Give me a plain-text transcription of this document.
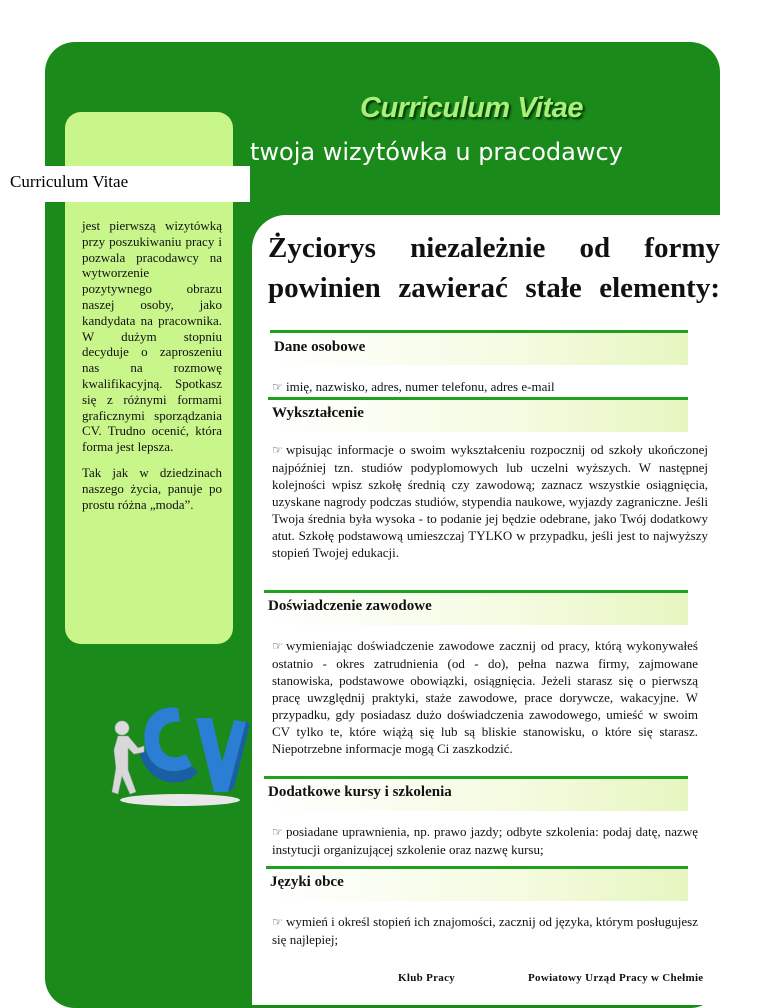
Curriculum Vitae
twoja wizytówka u pracodawcy
Curriculum Vitae

jest pierwszą wizytówką przy poszukiwaniu pracy i pozwala pracodawcy na wytworzenie pozytywnego obrazu naszej osoby, jako kandydata na pracownika. W dużym stopniu decyduje o zaproszeniu nas na rozmowę kwalifikacyjną. Spotkasz się z różnymi formami graficznymi sporządzania CV. Trudno ocenić, która forma jest lepsza.

Tak jak w dziedzinach naszego życia, panuje po prostu różna „moda”.

Życiorys niezależnie od formy powinien zawierać stałe elementy:
Dane osobowe
☞ imię, nazwisko, adres, numer telefonu, adres e-mail
Wykształcenie
☞ wpisując informacje o swoim wykształceniu rozpocznij od szkoły ukończonej najpóźniej tzn. studiów podyplomowych lub uczelni wyższych. W następnej kolejności wpisz szkołę średnią czy zawodową; zaznacz wszystkie osiągnięcia, uzyskane nagrody podczas studiów, stypendia naukowe, wyjazdy zagraniczne. Jeśli Twoja średnia była wysoka - to podanie jej będzie odebrane, jako Twój dodatkowy atut. Szkołę podstawową umieszczaj TYLKO w przypadku, jeśli jest to najwyższy stopień Twojej edukacji.
Doświadczenie zawodowe
☞ wymieniając doświadczenie zawodowe zacznij od pracy, którą wykonywałeś ostatnio - okres zatrudnienia (od - do), pełna nazwa firmy, zajmowane stanowiska, podstawowe obowiązki, osiągnięcia. Jeżeli starasz się o pierwszą pracę uwzględnij praktyki, staże zawodowe, prace dorywcze, wakacyjne. W przypadku, gdy posiadasz dużo doświadczenia zawodowego, umieść w swoim CV tylko te, które wiążą się lub są bliskie stanowisku, o które się starasz. Niepotrzebne informacje mogą Ci zaszkodzić.
Dodatkowe kursy i szkolenia
☞ posiadane uprawnienia, np. prawo jazdy; odbyte szkolenia: podaj datę, nazwę instytucji organizującej szkolenie oraz nazwę kursu;
Języki obce
☞ wymień i określ stopień ich znajomości, zacznij od języka, którym posługujesz się najlepiej;
Klub Pracy	Powiatowy Urząd Pracy w Chełmie
